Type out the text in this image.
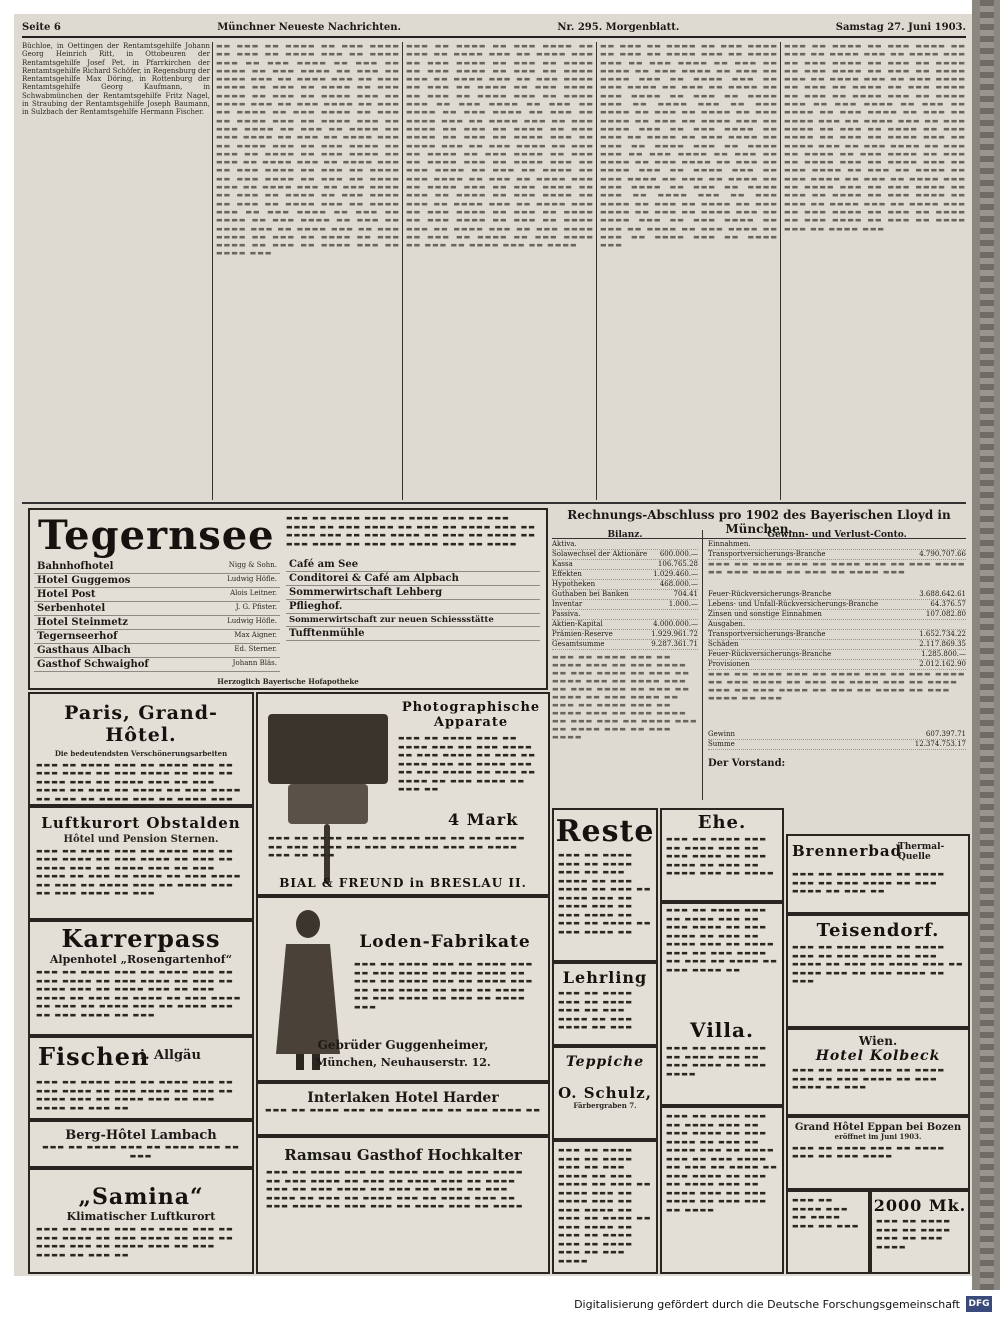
Seite 6	Münchner Neueste Nachrichten.	Nr. 295. Morgenblatt.	Samstag 27. Juni 1903.

Büchloe, in Oettingen der Rentamtsgehilfe Johann Georg Heinrich Ritt, in Ottobeuren der Rentamtsgehilfe Josef Pet, in Pfarrkirchen der Rentamtsgehilfe Richard Schöfer, in Regensburg der Rentamtsgehilfe Max Döring, in Rottenburg der Rentamtsgehilfe Georg Kaufmann, in Schwabmünchen der Rentamtsgehilfe Fritz Nagel, in Straubing der Rentamtsgehilfe Joseph Baumann, in Sulzbach der Rentamtsgehilfe Hermann Fischer.

▬▬ ▬▬▬ ▬▬ ▬▬▬▬ ▬▬ ▬▬▬ ▬▬▬▬ ▬▬ ▬▬▬ ▬▬ ▬▬▬▬ ▬▬▬ ▬▬ ▬▬▬▬ ▬▬▬ ▬▬ ▬▬▬ ▬▬▬▬ ▬▬ ▬▬▬ ▬▬ ▬▬▬▬ ▬▬ ▬▬▬ ▬▬▬▬ ▬▬ ▬▬▬ ▬▬ ▬▬▬▬ ▬▬▬ ▬▬ ▬▬▬▬ ▬▬▬ ▬▬ ▬▬▬ ▬▬▬▬ ▬▬ ▬▬▬ ▬▬ ▬▬▬▬ ▬▬ ▬▬▬ ▬▬▬▬ ▬▬ ▬▬▬ ▬▬ ▬▬▬▬ ▬▬▬ ▬▬ ▬▬▬▬ ▬▬▬ ▬▬ ▬▬▬ ▬▬▬▬ ▬▬ ▬▬▬ ▬▬ ▬▬▬▬ ▬▬ ▬▬▬ ▬▬▬▬ ▬▬ ▬▬▬ ▬▬ ▬▬▬▬ ▬▬▬ ▬▬ ▬▬▬▬ ▬▬▬ ▬▬ ▬▬▬ ▬▬▬▬ ▬▬ ▬▬▬ ▬▬ ▬▬▬▬ ▬▬ ▬▬▬ ▬▬▬▬ ▬▬ ▬▬▬ ▬▬ ▬▬▬▬ ▬▬▬ ▬▬ ▬▬▬▬ ▬▬▬ ▬▬ ▬▬▬ ▬▬▬▬ ▬▬ ▬▬▬ ▬▬ ▬▬▬▬ ▬▬ ▬▬▬ ▬▬▬▬ ▬▬ ▬▬▬ ▬▬ ▬▬▬▬ ▬▬▬ ▬▬ ▬▬▬▬ ▬▬▬ ▬▬ ▬▬▬ ▬▬▬▬ ▬▬ ▬▬▬ ▬▬ ▬▬▬▬ ▬▬ ▬▬▬ ▬▬▬▬ ▬▬ ▬▬▬ ▬▬ ▬▬▬▬ ▬▬▬ ▬▬ ▬▬▬▬ ▬▬▬ ▬▬ ▬▬▬ ▬▬▬▬ ▬▬ ▬▬▬ ▬▬ ▬▬▬▬ ▬▬ ▬▬▬ ▬▬▬▬ ▬▬ ▬▬▬ ▬▬ ▬▬▬▬ ▬▬▬ ▬▬ ▬▬▬▬ ▬▬▬ ▬▬ ▬▬▬ ▬▬▬▬ ▬▬ ▬▬▬ ▬▬ ▬▬▬▬ ▬▬ ▬▬▬ ▬▬▬▬ ▬▬ ▬▬▬ ▬▬ ▬▬▬▬ ▬▬▬ ▬▬ ▬▬▬▬ ▬▬▬ ▬▬ ▬▬▬ ▬▬▬▬ ▬▬ ▬▬▬ ▬▬ ▬▬▬▬ ▬▬ ▬▬▬ ▬▬▬▬ ▬▬ ▬▬▬ ▬▬ ▬▬▬▬ ▬▬▬ ▬▬ ▬▬▬▬ ▬▬▬

▬▬▬ ▬▬ ▬▬▬▬ ▬▬ ▬▬▬ ▬▬▬▬ ▬▬ ▬▬▬ ▬▬ ▬▬▬▬ ▬▬▬ ▬▬ ▬▬▬▬ ▬▬▬ ▬▬ ▬▬▬ ▬▬▬▬ ▬▬ ▬▬▬ ▬▬ ▬▬▬▬ ▬▬ ▬▬▬ ▬▬▬▬ ▬▬ ▬▬▬ ▬▬ ▬▬▬▬ ▬▬▬ ▬▬ ▬▬▬▬ ▬▬▬ ▬▬ ▬▬▬ ▬▬▬▬ ▬▬ ▬▬▬ ▬▬ ▬▬▬▬ ▬▬ ▬▬▬ ▬▬▬▬ ▬▬ ▬▬▬ ▬▬ ▬▬▬▬ ▬▬▬ ▬▬ ▬▬▬▬ ▬▬▬ ▬▬ ▬▬▬ ▬▬▬▬ ▬▬ ▬▬▬ ▬▬ ▬▬▬▬ ▬▬ ▬▬▬ ▬▬▬▬ ▬▬ ▬▬▬ ▬▬ ▬▬▬▬ ▬▬▬ ▬▬ ▬▬▬▬ ▬▬▬ ▬▬ ▬▬▬ ▬▬▬▬ ▬▬ ▬▬▬ ▬▬ ▬▬▬▬ ▬▬ ▬▬▬ ▬▬▬▬ ▬▬ ▬▬▬ ▬▬ ▬▬▬▬ ▬▬▬ ▬▬ ▬▬▬▬ ▬▬▬ ▬▬ ▬▬▬ ▬▬▬▬ ▬▬ ▬▬▬ ▬▬ ▬▬▬▬ ▬▬ ▬▬▬ ▬▬▬▬ ▬▬ ▬▬▬ ▬▬ ▬▬▬▬ ▬▬▬ ▬▬ ▬▬▬▬ ▬▬▬ ▬▬ ▬▬▬ ▬▬▬▬ ▬▬ ▬▬▬ ▬▬ ▬▬▬▬ ▬▬ ▬▬▬ ▬▬▬▬ ▬▬ ▬▬▬ ▬▬ ▬▬▬▬ ▬▬▬ ▬▬ ▬▬▬▬ ▬▬▬ ▬▬ ▬▬▬ ▬▬▬▬ ▬▬ ▬▬▬ ▬▬ ▬▬▬▬ ▬▬ ▬▬▬ ▬▬▬▬ ▬▬ ▬▬▬ ▬▬ ▬▬▬▬ ▬▬▬ ▬▬ ▬▬▬▬ ▬▬▬ ▬▬ ▬▬▬ ▬▬▬▬ ▬▬ ▬▬▬ ▬▬ ▬▬▬▬ ▬▬ ▬▬▬ ▬▬▬▬ ▬▬ ▬▬▬ ▬▬ ▬▬▬▬ ▬▬▬ ▬▬ ▬▬▬▬ ▬▬▬ ▬▬ ▬▬▬ ▬▬▬▬ ▬▬ ▬▬▬ ▬▬ ▬▬▬▬ ▬▬ ▬▬▬ ▬▬▬▬ ▬▬ ▬▬▬ ▬▬ ▬▬▬▬ ▬▬▬ ▬▬ ▬▬▬▬

▬▬ ▬▬▬ ▬▬ ▬▬▬▬ ▬▬ ▬▬▬ ▬▬▬▬ ▬▬ ▬▬▬ ▬▬ ▬▬▬▬ ▬▬▬ ▬▬ ▬▬▬▬ ▬▬▬ ▬▬ ▬▬▬ ▬▬▬▬ ▬▬ ▬▬▬ ▬▬ ▬▬▬▬ ▬▬ ▬▬▬ ▬▬▬▬ ▬▬ ▬▬▬ ▬▬ ▬▬▬▬ ▬▬▬ ▬▬ ▬▬▬▬ ▬▬▬ ▬▬ ▬▬▬ ▬▬▬▬ ▬▬ ▬▬▬ ▬▬ ▬▬▬▬ ▬▬ ▬▬▬ ▬▬▬▬ ▬▬ ▬▬▬ ▬▬ ▬▬▬▬ ▬▬▬ ▬▬ ▬▬▬▬ ▬▬▬ ▬▬ ▬▬▬ ▬▬▬▬ ▬▬ ▬▬▬ ▬▬ ▬▬▬▬ ▬▬ ▬▬▬ ▬▬▬▬ ▬▬ ▬▬▬ ▬▬ ▬▬▬▬ ▬▬▬ ▬▬ ▬▬▬▬ ▬▬▬ ▬▬ ▬▬▬ ▬▬▬▬ ▬▬ ▬▬▬ ▬▬ ▬▬▬▬ ▬▬ ▬▬▬ ▬▬▬▬ ▬▬ ▬▬▬ ▬▬ ▬▬▬▬ ▬▬▬ ▬▬ ▬▬▬▬ ▬▬▬ ▬▬ ▬▬▬ ▬▬▬▬ ▬▬ ▬▬▬ ▬▬ ▬▬▬▬ ▬▬ ▬▬▬ ▬▬▬▬ ▬▬ ▬▬▬ ▬▬ ▬▬▬▬ ▬▬▬ ▬▬ ▬▬▬▬ ▬▬▬ ▬▬ ▬▬▬ ▬▬▬▬ ▬▬ ▬▬▬ ▬▬ ▬▬▬▬ ▬▬ ▬▬▬ ▬▬▬▬ ▬▬ ▬▬▬ ▬▬ ▬▬▬▬ ▬▬▬ ▬▬ ▬▬▬▬ ▬▬▬ ▬▬ ▬▬▬ ▬▬▬▬ ▬▬ ▬▬▬ ▬▬ ▬▬▬▬ ▬▬ ▬▬▬ ▬▬▬▬ ▬▬ ▬▬▬ ▬▬ ▬▬▬▬ ▬▬▬ ▬▬ ▬▬▬▬ ▬▬▬ ▬▬ ▬▬▬ ▬▬▬▬ ▬▬ ▬▬▬ ▬▬ ▬▬▬▬ ▬▬ ▬▬▬ ▬▬▬▬ ▬▬ ▬▬▬ ▬▬ ▬▬▬▬ ▬▬▬ ▬▬ ▬▬▬▬ ▬▬▬

▬▬▬ ▬▬ ▬▬▬▬ ▬▬ ▬▬▬ ▬▬▬▬ ▬▬ ▬▬▬ ▬▬ ▬▬▬▬ ▬▬▬ ▬▬ ▬▬▬▬ ▬▬▬ ▬▬ ▬▬▬ ▬▬▬▬ ▬▬ ▬▬▬ ▬▬ ▬▬▬▬ ▬▬ ▬▬▬ ▬▬▬▬ ▬▬ ▬▬▬ ▬▬ ▬▬▬▬ ▬▬▬ ▬▬ ▬▬▬▬ ▬▬▬ ▬▬ ▬▬▬ ▬▬▬▬ ▬▬ ▬▬▬ ▬▬ ▬▬▬▬ ▬▬ ▬▬▬ ▬▬▬▬ ▬▬ ▬▬▬ ▬▬ ▬▬▬▬ ▬▬▬ ▬▬ ▬▬▬▬ ▬▬▬ ▬▬ ▬▬▬ ▬▬▬▬ ▬▬ ▬▬▬ ▬▬ ▬▬▬▬ ▬▬ ▬▬▬ ▬▬▬▬ ▬▬ ▬▬▬ ▬▬ ▬▬▬▬ ▬▬▬ ▬▬ ▬▬▬▬ ▬▬▬ ▬▬ ▬▬▬ ▬▬▬▬ ▬▬ ▬▬▬ ▬▬ ▬▬▬▬ ▬▬ ▬▬▬ ▬▬▬▬ ▬▬ ▬▬▬ ▬▬ ▬▬▬▬ ▬▬▬ ▬▬ ▬▬▬▬ ▬▬▬ ▬▬ ▬▬▬ ▬▬▬▬ ▬▬ ▬▬▬ ▬▬ ▬▬▬▬ ▬▬ ▬▬▬ ▬▬▬▬ ▬▬ ▬▬▬ ▬▬ ▬▬▬▬ ▬▬▬ ▬▬ ▬▬▬▬ ▬▬▬ ▬▬ ▬▬▬ ▬▬▬▬ ▬▬ ▬▬▬ ▬▬ ▬▬▬▬ ▬▬ ▬▬▬ ▬▬▬▬ ▬▬ ▬▬▬ ▬▬ ▬▬▬▬ ▬▬▬ ▬▬ ▬▬▬▬ ▬▬▬ ▬▬ ▬▬▬ ▬▬▬▬ ▬▬ ▬▬▬ ▬▬ ▬▬▬▬ ▬▬ ▬▬▬ ▬▬▬▬ ▬▬ ▬▬▬ ▬▬ ▬▬▬▬ ▬▬▬ ▬▬ ▬▬▬▬ ▬▬▬ ▬▬ ▬▬▬ ▬▬▬▬ ▬▬ ▬▬▬ ▬▬ ▬▬▬▬ ▬▬ ▬▬▬ ▬▬▬▬ ▬▬ ▬▬▬ ▬▬ ▬▬▬▬ ▬▬▬ ▬▬ ▬▬▬▬ ▬▬▬

Tegernsee
Bahnhofhotel	Nigg & Sohn.
Hotel Guggemos	Ludwig Höfle.
Hotel Post	Alois Leitner.
Serbenhotel	J. G. Pfister.
Hotel Steinmetz	Ludwig Höfle.
Tegernseerhof	Max Aigner.
Gasthaus Albach	Ed. Sterner.
Gasthof Schwaighof	Johann Bläs.
▬▬▬ ▬▬ ▬▬▬▬ ▬▬▬ ▬▬ ▬▬▬▬ ▬▬▬ ▬▬ ▬▬▬ ▬▬▬▬ ▬▬ ▬▬▬ ▬▬▬▬ ▬▬ ▬▬▬ ▬▬ ▬▬▬▬ ▬▬▬ ▬▬ ▬▬▬▬ ▬▬▬ ▬▬ ▬▬▬ ▬▬▬▬ ▬▬ ▬▬▬ ▬▬ ▬▬▬▬ ▬▬ ▬▬▬ ▬▬▬▬ ▬▬ ▬▬▬ ▬▬ ▬▬▬▬ ▬▬▬ ▬▬ ▬▬▬▬
Café am See
Conditorei & Café am Alpbach
Sommerwirtschaft Lehberg
Pflieghof.
Sommerwirtschaft zur neuen Schiessstätte
Tufftenmühle
Herzoglich Bayerische Hofapotheke
Paris, Grand-Hôtel.
Die bedeutendsten Verschönerungsarbeiten
▬▬▬ ▬▬ ▬▬▬▬ ▬▬▬ ▬▬ ▬▬▬▬ ▬▬▬ ▬▬ ▬▬▬ ▬▬▬▬ ▬▬ ▬▬▬ ▬▬▬▬ ▬▬ ▬▬▬ ▬▬ ▬▬▬▬ ▬▬▬ ▬▬ ▬▬▬▬ ▬▬▬ ▬▬ ▬▬▬ ▬▬▬▬ ▬▬ ▬▬▬ ▬▬ ▬▬▬▬ ▬▬ ▬▬▬ ▬▬▬▬ ▬▬ ▬▬▬ ▬▬ ▬▬▬▬ ▬▬▬ ▬▬ ▬▬▬▬ ▬▬▬
Luftkurort Obstalden
Hôtel und Pension Sternen.
▬▬▬ ▬▬ ▬▬▬▬ ▬▬▬ ▬▬ ▬▬▬▬ ▬▬▬ ▬▬ ▬▬▬ ▬▬▬▬ ▬▬ ▬▬▬ ▬▬▬▬ ▬▬ ▬▬▬ ▬▬ ▬▬▬▬ ▬▬▬ ▬▬ ▬▬▬▬ ▬▬▬ ▬▬ ▬▬▬ ▬▬▬▬ ▬▬ ▬▬▬ ▬▬ ▬▬▬▬ ▬▬ ▬▬▬ ▬▬▬▬ ▬▬ ▬▬▬ ▬▬ ▬▬▬▬ ▬▬▬ ▬▬ ▬▬▬▬ ▬▬▬ ▬▬ ▬▬▬ ▬▬▬▬ ▬▬ ▬▬▬
Karrerpass
Alpenhotel „Rosengartenhof“
▬▬▬ ▬▬ ▬▬▬▬ ▬▬▬ ▬▬ ▬▬▬▬ ▬▬▬ ▬▬ ▬▬▬ ▬▬▬▬ ▬▬ ▬▬▬ ▬▬▬▬ ▬▬ ▬▬▬ ▬▬ ▬▬▬▬ ▬▬▬ ▬▬ ▬▬▬▬ ▬▬▬ ▬▬ ▬▬▬ ▬▬▬▬ ▬▬ ▬▬▬ ▬▬ ▬▬▬▬ ▬▬ ▬▬▬ ▬▬▬▬ ▬▬ ▬▬▬ ▬▬ ▬▬▬▬ ▬▬▬ ▬▬ ▬▬▬▬ ▬▬▬ ▬▬ ▬▬▬ ▬▬▬▬ ▬▬ ▬▬▬
Fischen
i. Allgäu
▬▬▬ ▬▬ ▬▬▬▬ ▬▬▬ ▬▬ ▬▬▬▬ ▬▬▬ ▬▬ ▬▬▬ ▬▬▬▬ ▬▬ ▬▬▬ ▬▬▬▬ ▬▬ ▬▬▬ ▬▬ ▬▬▬▬ ▬▬▬ ▬▬ ▬▬▬▬ ▬▬▬ ▬▬ ▬▬▬ ▬▬▬▬ ▬▬ ▬▬▬ ▬▬
Berg-Hôtel Lambach
▬▬▬ ▬▬ ▬▬▬▬ ▬▬▬ ▬▬ ▬▬▬▬ ▬▬▬ ▬▬ ▬▬▬
„Samina“
Klimatischer Luftkurort
▬▬▬ ▬▬ ▬▬▬▬ ▬▬▬ ▬▬ ▬▬▬▬ ▬▬▬ ▬▬ ▬▬▬ ▬▬▬▬ ▬▬ ▬▬▬ ▬▬▬▬ ▬▬ ▬▬▬ ▬▬ ▬▬▬▬ ▬▬▬ ▬▬ ▬▬▬▬ ▬▬▬ ▬▬ ▬▬▬ ▬▬▬▬ ▬▬ ▬▬▬ ▬▬
Photographische Apparate
▬▬▬ ▬▬ ▬▬▬▬ ▬▬▬ ▬▬ ▬▬▬▬ ▬▬▬ ▬▬ ▬▬▬ ▬▬▬▬ ▬▬ ▬▬▬ ▬▬▬▬ ▬▬ ▬▬▬ ▬▬ ▬▬▬▬ ▬▬▬ ▬▬ ▬▬▬▬ ▬▬▬ ▬▬ ▬▬▬ ▬▬▬▬ ▬▬ ▬▬▬ ▬▬ ▬▬▬▬ ▬▬ ▬▬▬ ▬▬▬▬ ▬▬ ▬▬▬ ▬▬
4 Mark
▬▬▬ ▬▬ ▬▬▬▬ ▬▬▬ ▬▬ ▬▬▬▬ ▬▬▬ ▬▬ ▬▬▬ ▬▬▬▬ ▬▬ ▬▬▬ ▬▬▬▬ ▬▬ ▬▬▬ ▬▬ ▬▬▬▬ ▬▬▬ ▬▬ ▬▬▬▬ ▬▬▬ ▬▬ ▬▬▬
BIAL & FREUND in BRESLAU II.
Loden-Fabrikate
▬▬▬ ▬▬ ▬▬▬▬ ▬▬▬ ▬▬ ▬▬▬▬ ▬▬▬ ▬▬ ▬▬▬ ▬▬▬▬ ▬▬ ▬▬▬ ▬▬▬▬ ▬▬ ▬▬▬ ▬▬ ▬▬▬▬ ▬▬▬ ▬▬ ▬▬▬▬ ▬▬▬ ▬▬ ▬▬▬ ▬▬▬▬ ▬▬ ▬▬▬ ▬▬ ▬▬▬▬ ▬▬ ▬▬▬ ▬▬▬▬ ▬▬ ▬▬▬ ▬▬ ▬▬▬▬ ▬▬▬
Gebrüder Guggenheimer,
München, Neuhauserstr. 12.
Interlaken Hotel Harder
▬▬▬ ▬▬ ▬▬▬▬ ▬▬▬ ▬▬ ▬▬▬▬ ▬▬▬ ▬▬ ▬▬▬ ▬▬▬▬ ▬▬
Ramsau Gasthof Hochkalter
▬▬▬ ▬▬ ▬▬▬▬ ▬▬▬ ▬▬ ▬▬▬▬ ▬▬▬ ▬▬ ▬▬▬ ▬▬▬▬ ▬▬ ▬▬▬ ▬▬▬▬ ▬▬ ▬▬▬ ▬▬ ▬▬▬▬ ▬▬▬ ▬▬ ▬▬▬▬ ▬▬▬ ▬▬ ▬▬▬ ▬▬▬▬ ▬▬ ▬▬▬ ▬▬ ▬▬▬▬ ▬▬ ▬▬▬ ▬▬▬▬ ▬▬ ▬▬▬ ▬▬ ▬▬▬▬ ▬▬▬ ▬▬ ▬▬▬▬ ▬▬▬ ▬▬ ▬▬▬ ▬▬▬▬ ▬▬ ▬▬▬ ▬▬▬ ▬▬ ▬▬▬▬ ▬▬▬ ▬▬ ▬▬▬▬
Rechnungs-Abschluss pro 1902 des Bayerischen Lloyd in München.
Bilanz.
Aktiva.
Solawechsel der Aktionäre 600.000.—
Kassa	106.765.28
Effekten	1.029.460.—
Hypotheken	468.000.—
Guthaben bei Banken	704.41
Inventar	1.000.—
Passiva.
Aktien-Kapital	4.000.000.—
Prämien-Reserve	1.929.961.72
Gesamtsumme	9.287.361.71
▬▬▬ ▬▬ ▬▬▬▬ ▬▬▬ ▬▬ ▬▬▬▬ ▬▬▬ ▬▬ ▬▬▬ ▬▬▬▬ ▬▬ ▬▬▬ ▬▬▬▬ ▬▬ ▬▬▬ ▬▬ ▬▬▬▬ ▬▬▬ ▬▬ ▬▬▬▬ ▬▬▬ ▬▬ ▬▬▬ ▬▬▬▬ ▬▬ ▬▬▬ ▬▬ ▬▬▬▬ ▬▬ ▬▬▬ ▬▬▬▬ ▬▬ ▬▬▬ ▬▬ ▬▬▬▬ ▬▬▬ ▬▬ ▬▬▬▬ ▬▬▬ ▬▬ ▬▬▬ ▬▬▬▬ ▬▬ ▬▬▬ ▬▬▬ ▬▬ ▬▬▬▬ ▬▬▬ ▬▬ ▬▬▬▬ ▬▬▬ ▬▬ ▬▬▬ ▬▬▬▬
Gewinn- und Verlust-Conto.
Einnahmen.
Transportversicherungs-Branche	4.790.707.66
▬▬▬ ▬▬ ▬▬▬▬ ▬▬▬ ▬▬ ▬▬▬▬ ▬▬▬ ▬▬ ▬▬▬ ▬▬▬▬ ▬▬ ▬▬▬ ▬▬▬▬ ▬▬ ▬▬▬ ▬▬ ▬▬▬▬ ▬▬▬
Feuer-Rückversicherungs-Branche	3.688.642.61
Lebens- und Unfall-Rückversicherungs-Branche	64.376.57
Zinsen und sonstige Einnahmen	107.082.80
Ausgaben.
Transportversicherungs-Branche	1.652.734.22
Schäden	2.117.869.35
Feuer-Rückversicherungs-Branche	1.285.800.—
Provisionen	2.012.162.90
▬▬▬ ▬▬ ▬▬▬▬ ▬▬▬ ▬▬ ▬▬▬▬ ▬▬▬ ▬▬ ▬▬▬ ▬▬▬▬ ▬▬ ▬▬▬ ▬▬▬▬ ▬▬ ▬▬▬ ▬▬ ▬▬▬▬ ▬▬▬ ▬▬ ▬▬▬▬ ▬▬▬ ▬▬ ▬▬▬ ▬▬▬▬ ▬▬ ▬▬▬ ▬▬ ▬▬▬▬ ▬▬ ▬▬▬ ▬▬▬▬ ▬▬ ▬▬▬
Gewinn	607.397.71
Summe	12.374.753.17
Der Vorstand:
Reste
▬▬▬ ▬▬ ▬▬▬▬ ▬▬▬ ▬▬ ▬▬▬▬ ▬▬▬ ▬▬ ▬▬▬ ▬▬▬▬ ▬▬ ▬▬▬ ▬▬▬▬ ▬▬ ▬▬▬ ▬▬ ▬▬▬▬ ▬▬▬ ▬▬ ▬▬▬▬ ▬▬▬ ▬▬ ▬▬▬ ▬▬▬▬ ▬▬ ▬▬▬ ▬▬ ▬▬▬▬ ▬▬ ▬▬▬ ▬▬▬▬ ▬▬
Lehrling
▬▬▬ ▬▬ ▬▬▬▬ ▬▬▬ ▬▬ ▬▬▬▬ ▬▬▬ ▬▬ ▬▬▬ ▬▬▬▬ ▬▬ ▬▬▬ ▬▬▬▬ ▬▬ ▬▬▬
Teppiche
O. Schulz,
Färbergraben 7.
▬▬▬ ▬▬ ▬▬▬▬ ▬▬▬ ▬▬ ▬▬▬▬ ▬▬▬ ▬▬ ▬▬▬ ▬▬▬▬ ▬▬ ▬▬▬ ▬▬▬▬ ▬▬ ▬▬▬ ▬▬ ▬▬▬▬ ▬▬▬ ▬▬ ▬▬▬▬ ▬▬▬ ▬▬ ▬▬▬ ▬▬▬▬ ▬▬ ▬▬▬ ▬▬ ▬▬▬▬ ▬▬ ▬▬▬ ▬▬▬▬ ▬▬ ▬▬▬ ▬▬ ▬▬▬▬ ▬▬▬ ▬▬ ▬▬▬▬ ▬▬▬ ▬▬ ▬▬▬ ▬▬▬▬
Ehe.
▬▬▬ ▬▬ ▬▬▬▬ ▬▬▬ ▬▬ ▬▬▬▬ ▬▬▬ ▬▬ ▬▬▬ ▬▬▬▬ ▬▬ ▬▬▬ ▬▬▬▬ ▬▬ ▬▬▬ ▬▬ ▬▬▬▬ ▬▬▬ ▬▬ ▬▬▬▬
▬▬▬ ▬▬ ▬▬▬▬ ▬▬▬ ▬▬ ▬▬▬▬ ▬▬▬ ▬▬ ▬▬▬ ▬▬▬▬ ▬▬ ▬▬▬ ▬▬▬▬ ▬▬ ▬▬▬ ▬▬ ▬▬▬▬ ▬▬▬ ▬▬ ▬▬▬▬ ▬▬▬ ▬▬ ▬▬▬ ▬▬▬▬ ▬▬ ▬▬▬ ▬▬ ▬▬▬▬ ▬▬ ▬▬▬ ▬▬▬▬ ▬▬
Villa.
▬▬▬ ▬▬ ▬▬▬▬ ▬▬▬ ▬▬ ▬▬▬▬ ▬▬▬ ▬▬ ▬▬▬ ▬▬▬▬ ▬▬ ▬▬▬ ▬▬▬▬
▬▬▬ ▬▬ ▬▬▬▬ ▬▬▬ ▬▬ ▬▬▬▬ ▬▬▬ ▬▬ ▬▬▬ ▬▬▬▬ ▬▬ ▬▬▬ ▬▬▬▬ ▬▬ ▬▬▬ ▬▬ ▬▬▬▬ ▬▬▬ ▬▬ ▬▬▬▬ ▬▬▬ ▬▬ ▬▬▬ ▬▬▬▬ ▬▬ ▬▬▬ ▬▬ ▬▬▬▬ ▬▬ ▬▬▬ ▬▬▬▬ ▬▬ ▬▬▬ ▬▬ ▬▬▬▬ ▬▬▬ ▬▬ ▬▬▬▬ ▬▬▬ ▬▬ ▬▬▬ ▬▬▬▬ ▬▬ ▬▬▬ ▬▬▬ ▬▬ ▬▬▬▬
Brennerbad
Thermal-Quelle
▬▬▬ ▬▬ ▬▬▬▬ ▬▬▬ ▬▬ ▬▬▬▬ ▬▬▬ ▬▬ ▬▬▬ ▬▬▬▬ ▬▬ ▬▬▬ ▬▬▬▬ ▬▬ ▬▬▬ ▬▬
Teisendorf.
▬▬▬ ▬▬ ▬▬▬▬ ▬▬▬ ▬▬ ▬▬▬▬ ▬▬▬ ▬▬ ▬▬▬ ▬▬▬▬ ▬▬ ▬▬▬ ▬▬▬▬ ▬▬ ▬▬▬ ▬▬ ▬▬▬▬ ▬▬▬ ▬▬ ▬▬▬▬ ▬▬▬ ▬▬ ▬▬▬ ▬▬▬▬ ▬▬ ▬▬▬
Wien.
Hotel Kolbeck
▬▬▬ ▬▬ ▬▬▬▬ ▬▬▬ ▬▬ ▬▬▬▬ ▬▬▬ ▬▬ ▬▬▬ ▬▬▬▬ ▬▬ ▬▬▬ ▬▬▬▬ ▬▬ ▬▬▬
Grand Hôtel Eppan bei Bozen
eröffnet im Juni 1903.
▬▬▬ ▬▬ ▬▬▬▬ ▬▬▬ ▬▬ ▬▬▬▬ ▬▬▬ ▬▬ ▬▬▬ ▬▬▬▬
2000 Mk.
▬▬▬ ▬▬ ▬▬▬▬ ▬▬▬ ▬▬ ▬▬▬▬ ▬▬▬ ▬▬ ▬▬▬ ▬▬▬▬
▬▬▬ ▬▬ ▬▬▬▬ ▬▬▬ ▬▬ ▬▬▬▬ ▬▬▬ ▬▬ ▬▬▬
Digitalisierung gefördert durch die Deutsche Forschungsgemeinschaft DFG
